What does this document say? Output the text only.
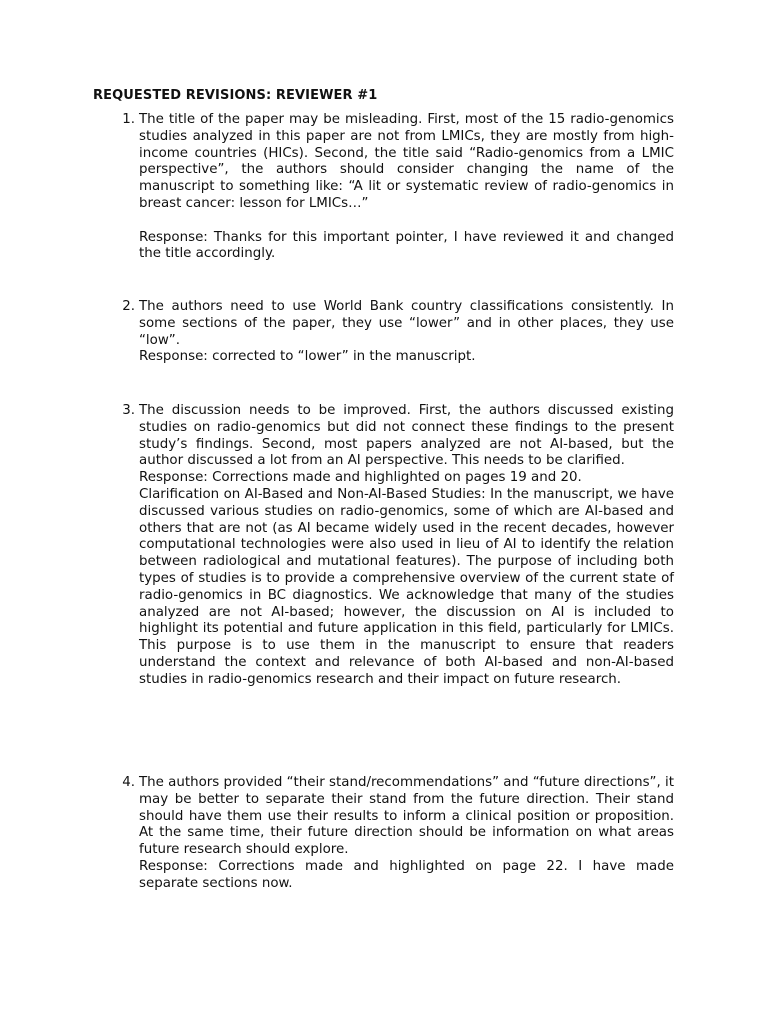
REQUESTED REVISIONS: REVIEWER #1
1. The title of the paper may be misleading. First, most of the 15 radio-genomics studies analyzed in this paper are not from LMICs, they are mostly from high-income countries (HICs). Second, the title said “Radio-genomics from a LMIC perspective”, the authors should consider changing the name of the manuscript to something like: “A lit or systematic review of radio-genomics in breast cancer: lesson for LMICs…”

Response: Thanks for this important pointer, I have reviewed it and changed the title accordingly.

2. The authors need to use World Bank country classifications consistently. In some sections of the paper, they use “lower” and in other places, they use “low”.

Response: corrected to “lower” in the manuscript.

3. The discussion needs to be improved. First, the authors discussed existing studies on radio-genomics but did not connect these findings to the present study’s findings. Second, most papers analyzed are not AI-based, but the author discussed a lot from an AI perspective. This needs to be clarified.

Response: Corrections made and highlighted on pages 19 and 20.

Clarification on AI-Based and Non-AI-Based Studies: In the manuscript, we have discussed various studies on radio-genomics, some of which are AI-based and others that are not (as AI became widely used in the recent decades, however computational technologies were also used in lieu of AI to identify the relation between radiological and mutational features). The purpose of including both types of studies is to provide a comprehensive overview of the current state of radio-genomics in BC diagnostics. We acknowledge that many of the studies analyzed are not AI-based; however, the discussion on AI is included to highlight its potential and future application in this field, particularly for LMICs. This purpose is to use them in the manuscript to ensure that readers understand the context and relevance of both AI-based and non-AI-based studies in radio-genomics research and their impact on future research.

4. The authors provided “their stand/recommendations” and “future directions”, it may be better to separate their stand from the future direction. Their stand should have them use their results to inform a clinical position or proposition. At the same time, their future direction should be information on what areas future research should explore.

Response: Corrections made and highlighted on page 22. I have made separate sections now.
